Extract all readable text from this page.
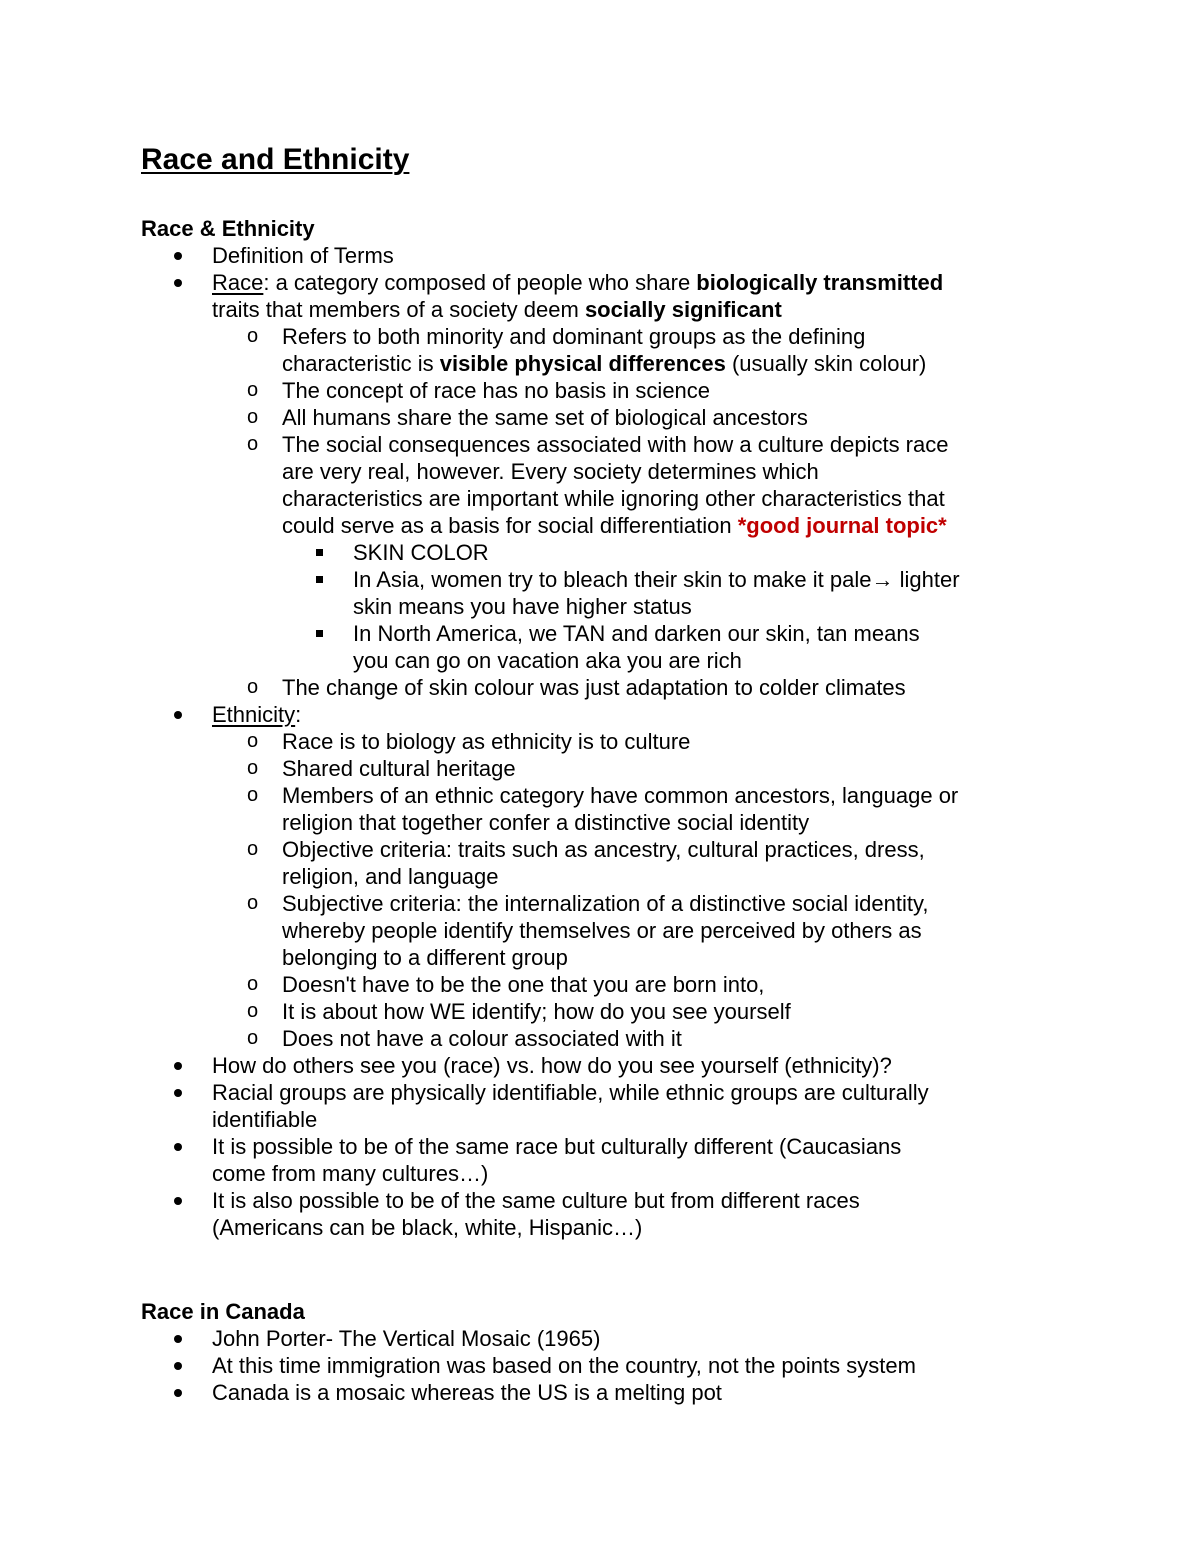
Race and Ethnicity
Race & Ethnicity
Definition of Terms
Race: a category composed of people who share biologically transmitted traits that members of a society deem socially significant
o Refers to both minority and dominant groups as the defining characteristic is visible physical differences (usually skin colour)
o The concept of race has no basis in science
o All humans share the same set of biological ancestors
o The social consequences associated with how a culture depicts race are very real, however. Every society determines which characteristics are important while ignoring other characteristics that could serve as a basis for social differentiation *good journal topic*
SKIN COLOR
In Asia, women try to bleach their skin to make it pale→ lighter skin means you have higher status
In North America, we TAN and darken our skin, tan means you can go on vacation aka you are rich
o The change of skin colour was just adaptation to colder climates
Ethnicity:
o Race is to biology as ethnicity is to culture
o Shared cultural heritage
o Members of an ethnic category have common ancestors, language or religion that together confer a distinctive social identity
o Objective criteria: traits such as ancestry, cultural practices, dress, religion, and language
o Subjective criteria: the internalization of a distinctive social identity, whereby people identify themselves or are perceived by others as belonging to a different group
o Doesn't have to be the one that you are born into,
o It is about how WE identify; how do you see yourself
o Does not have a colour associated with it
How do others see you (race) vs. how do you see yourself (ethnicity)?
Racial groups are physically identifiable, while ethnic groups are culturally identifiable
It is possible to be of the same race but culturally different (Caucasians come from many cultures…)
It is also possible to be of the same culture but from different races (Americans can be black, white, Hispanic…)
Race in Canada
John Porter- The Vertical Mosaic (1965)
At this time immigration was based on the country, not the points system
Canada is a mosaic whereas the US is a melting pot
